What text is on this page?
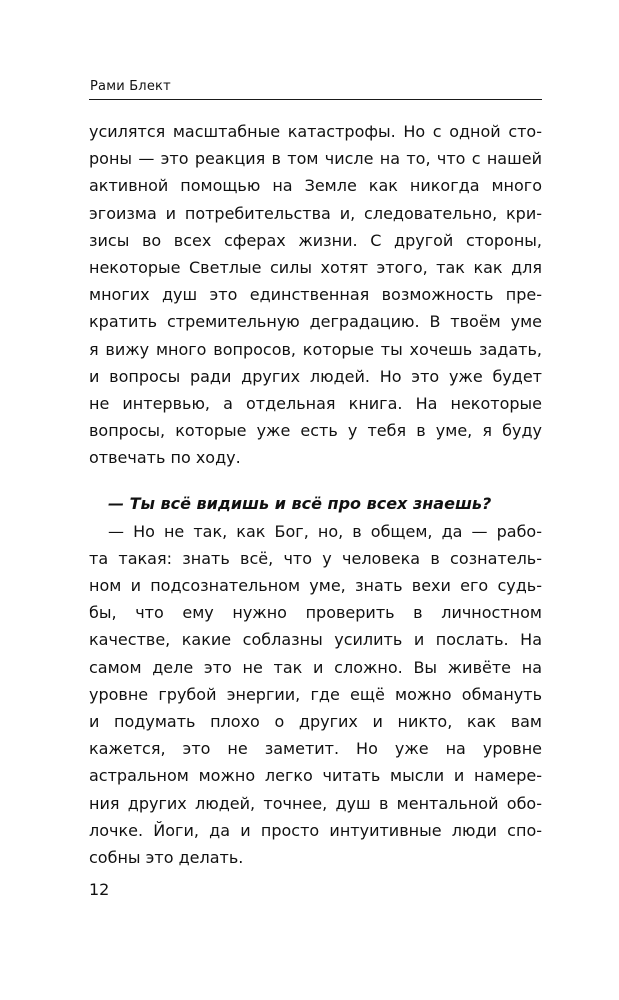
Рами Блект
усилятся масштабные катастрофы. Но с одной сто-
роны — это реакция в том числе на то, что с нашей
активной помощью на Земле как никогда много
эгоизма и потребительства и, следовательно, кри-
зисы во всех сферах жизни. С другой стороны,
некоторые Светлые силы хотят этого, так как для
многих душ это единственная возможность пре-
кратить стремительную деградацию. В твоём уме
я вижу много вопросов, которые ты хочешь задать,
и вопросы ради других людей. Но это уже будет
не интервью, а отдельная книга. На некоторые
вопросы, которые уже есть у тебя в уме, я буду
отвечать по ходу.
— Ты всё видишь и всё про всех знаешь?
— Но не так, как Бог, но, в общем, да — рабо-
та такая: знать всё, что у человека в сознатель-
ном и подсознательном уме, знать вехи его судь-
бы, что ему нужно проверить в личностном
качестве, какие соблазны усилить и послать. На
самом деле это не так и сложно. Вы живёте на
уровне грубой энергии, где ещё можно обмануть
и подумать плохо о других и никто, как вам
кажется, это не заметит. Но уже на уровне
астральном можно легко читать мысли и намере-
ния других людей, точнее, душ в ментальной обо-
лочке. Йоги, да и просто интуитивные люди спо-
собны это делать.
12
